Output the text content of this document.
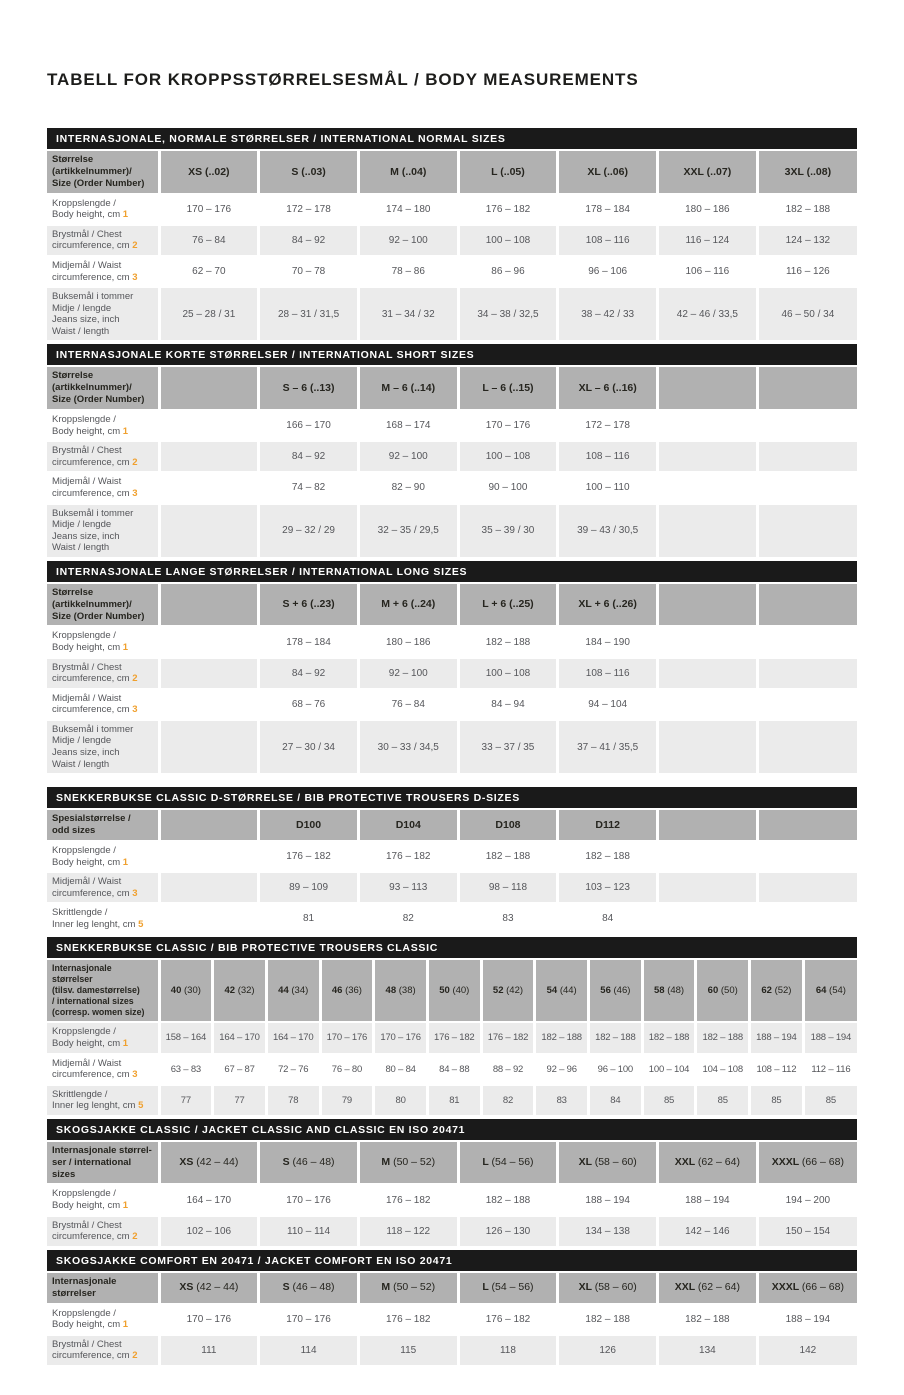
TABELL FOR KROPPSSTØRRELSESMÅL / BODY MEASUREMENTS
INTERNASJONALE, NORMALE STØRRELSER / INTERNATIONAL NORMAL SIZES
Størrelse
(artikkelnummer)/
Size (Order Number)	XS (..02)	S (..03)	M (..04)	L (..05)	XL (..06)	XXL (..07)	3XL (..08)

Kroppslengde /
Body height, cm 1	170 – 176	172 – 178	174 – 180	176 – 182	178 – 184	180 – 186	182 – 188

Brystmål / Chest
circumference, cm 2	76 – 84	84 – 92	92 – 100	100 – 108	108 – 116	116 – 124	124 – 132

Midjemål / Waist
circumference, cm 3	62 – 70	70 – 78	78 – 86	86 – 96	96 – 106	106 – 116	116 – 126

Buksemål i tommer
Midje / lengde
Jeans size, inch
Waist / length	25 – 28 / 31	28 – 31 / 31,5	31 – 34 / 32	34 – 38 / 32,5	38 – 42 / 33	42 – 46 / 33,5	46 – 50 / 34
INTERNASJONALE KORTE STØRRELSER / INTERNATIONAL SHORT SIZES
Størrelse
(artikkelnummer)/
Size (Order Number)		S – 6 (..13)	M – 6 (..14)	L – 6 (..15)	XL – 6 (..16)		

Kroppslengde /
Body height, cm 1		166 – 170	168 – 174	170 – 176	172 – 178		

Brystmål / Chest
circumference, cm 2		84 – 92	92 – 100	100 – 108	108 – 116		

Midjemål / Waist
circumference, cm 3		74 – 82	82 – 90	90 – 100	100 – 110		

Buksemål i tommer
Midje / lengde
Jeans size, inch
Waist / length		29 – 32 / 29	32 – 35 / 29,5	35 – 39 / 30	39 – 43 / 30,5		
INTERNASJONALE LANGE STØRRELSER / INTERNATIONAL LONG SIZES
Størrelse
(artikkelnummer)/
Size (Order Number)		S + 6 (..23)	M + 6 (..24)	L + 6 (..25)	XL + 6 (..26)		

Kroppslengde /
Body height, cm 1		178 – 184	180 – 186	182 – 188	184 – 190		

Brystmål / Chest
circumference, cm 2		84 – 92	92 – 100	100 – 108	108 – 116		

Midjemål / Waist
circumference, cm 3		68 – 76	76 – 84	84 – 94	94 – 104		

Buksemål i tommer
Midje / lengde
Jeans size, inch
Waist / length		27 – 30 / 34	30 – 33 / 34,5	33 – 37 / 35	37 – 41 / 35,5		
SNEKKERBUKSE CLASSIC D-STØRRELSE / BIB PROTECTIVE TROUSERS D-SIZES
Spesialstørrelse /
odd sizes		D100	D104	D108	D112		

Kroppslengde /
Body height, cm 1		176 – 182	176 – 182	182 – 188	182 – 188		

Midjemål / Waist
circumference, cm 3		89 – 109	93 – 113	98 – 118	103 – 123		

Skrittlengde /
Inner leg lenght, cm 5		81	82	83	84		
SNEKKERBUKSE CLASSIC / BIB PROTECTIVE TROUSERS CLASSIC
Internasjonale størrelser
(tilsv. damestørrelse)
/ international sizes
(corresp. women size)	40 (30)	42 (32)	44 (34)	46 (36)	48 (38)	50 (40)	52 (42)	54 (44)	56 (46)	58 (48)	60 (50)	62 (52)	64 (54)

Kroppslengde /
Body height, cm 1	158 – 164	164 – 170	164 – 170	170 – 176	170 – 176	176 – 182	176 – 182	182 – 188	182 – 188	182 – 188	182 – 188	188 – 194	188 – 194

Midjemål / Waist
circumference, cm 3	63 – 83	67 – 87	72 – 76	76 – 80	80 – 84	84 – 88	88 – 92	92 – 96	96 – 100	100 – 104	104 – 108	108 – 112	112 – 116

Skrittlengde /
Inner leg lenght, cm 5	77	77	78	79	80	81	82	83	84	85	85	85	85
SKOGSJAKKE CLASSIC / JACKET CLASSIC AND CLASSIC EN ISO 20471
Internasjonale størrel-
ser / international sizes	XS (42 – 44)	S (46 – 48)	M (50 – 52)	L (54 – 56)	XL (58 – 60)	XXL (62 – 64)	XXXL (66 – 68)

Kroppslengde /
Body height, cm 1	164 – 170	170 – 176	176 – 182	182 – 188	188 – 194	188 – 194	194 – 200

Brystmål / Chest
circumference, cm 2	102 – 106	110 – 114	118 – 122	126 – 130	134 – 138	142 – 146	150 – 154
SKOGSJAKKE COMFORT EN 20471 / JACKET COMFORT EN ISO 20471
Internasjonale
størrelser	XS (42 – 44)	S (46 – 48)	M (50 – 52)	L (54 – 56)	XL (58 – 60)	XXL (62 – 64)	XXXL (66 – 68)

Kroppslengde /
Body height, cm 1	170 – 176	170 – 176	176 – 182	176 – 182	182 – 188	182 – 188	188 – 194

Brystmål / Chest
circumference, cm 2	111	114	115	118	126	134	142
